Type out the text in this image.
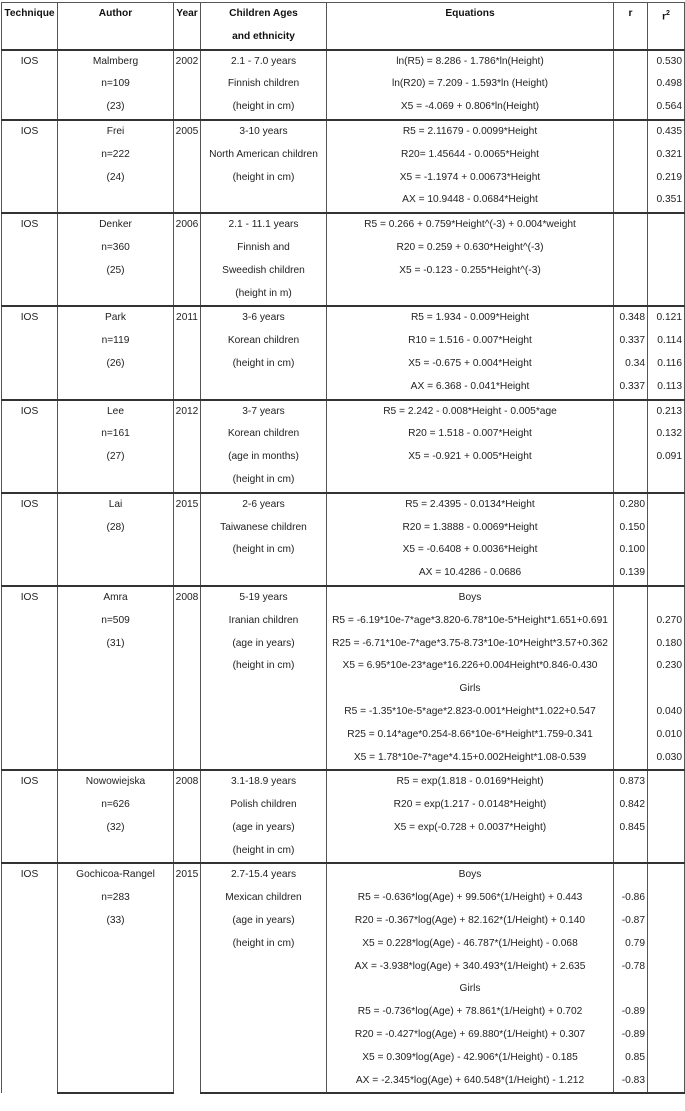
Technique	Author	Year	Children Ages	Equations	r	$r^2$
			and ethnicity			
IOS	Malmberg	2002	2.1 - 7.0 years	ln(R5) = 8.286 - 1.786*ln(Height)		0.530
	n=109		Finnish children	ln(R20) = 7.209 - 1.593*ln (Height)		0.498
	(23)		(height in cm)	X5 = -4.069 + 0.806*ln(Height)		0.564
IOS	Frei	2005	3-10 years	R5 = 2.11679 - 0.0099*Height		0.435
	n=222		North American children	R20= 1.45644 - 0.0065*Height		0.321
	(24)		(height in cm)	X5 = -1.1974 + 0.00673*Height		0.219
				AX = 10.9448 - 0.0684*Height		0.351
IOS	Denker	2006	2.1 - 11.1 years	R5 = 0.266 + 0.759*Height^(-3) + 0.004*weight		
	n=360		Finnish and	R20 = 0.259 + 0.630*Height^(-3)		
	(25)		Sweedish children	X5 = -0.123 - 0.255*Height^(-3)		
			(height in m)			
IOS	Park	2011	3-6 years	R5 = 1.934 - 0.009*Height	0.348	0.121
	n=119		Korean children	R10 = 1.516 - 0.007*Height	0.337	0.114
	(26)		(height in cm)	X5 = -0.675 + 0.004*Height	0.34	0.116
				AX = 6.368 - 0.041*Height	0.337	0.113
IOS	Lee	2012	3-7 years	R5 = 2.242 - 0.008*Height - 0.005*age		0.213
	n=161		Korean children	R20 = 1.518 - 0.007*Height		0.132
	(27)		(age in months)	X5 = -0.921 + 0.005*Height		0.091
			(height in cm)			
IOS	Lai	2015	2-6 years	R5 = 2.4395 - 0.0134*Height	0.280	
	(28)		Taiwanese children	R20 = 1.3888 - 0.0069*Height	0.150	
			(height in cm)	X5 = -0.6408 + 0.0036*Height	0.100	
				AX = 10.4286 - 0.0686	0.139	
IOS	Amra	2008	5-19 years	Boys		
	n=509		Iranian children	R5 = -6.19*10e-7*age*3.820-6.78*10e-5*Height*1.651+0.691		0.270
	(31)		(age in years)	R25 = -6.71*10e-7*age*3.75-8.73*10e-10*Height*3.57+0.362		0.180
			(height in cm)	X5 = 6.95*10e-23*age*16.226+0.004Height*0.846-0.430		0.230
				Girls		
				R5 = -1.35*10e-5*age*2.823-0.001*Height*1.022+0.547		0.040
				R25 = 0.14*age*0.254-8.66*10e-6*Height*1.759-0.341		0.010
				X5 = 1.78*10e-7*age*4.15+0.002Height*1.08-0.539		0.030
IOS	Nowowiejska	2008	3.1-18.9 years	R5 = exp(1.818 - 0.0169*Height)	0.873	
	n=626		Polish children	R20 = exp(1.217 - 0.0148*Height)	0.842	
	(32)		(age in years)	X5 = exp(-0.728 + 0.0037*Height)	0.845	
			(height in cm)			
IOS	Gochicoa-Rangel	2015	2.7-15.4 years	Boys		
	n=283		Mexican children	R5 = -0.636*log(Age) + 99.506*(1/Height) + 0.443	-0.86	
	(33)		(age in years)	R20 = -0.367*log(Age) + 82.162*(1/Height) + 0.140	-0.87	
			(height in cm)	X5 = 0.228*log(Age) - 46.787*(1/Height) - 0.068	0.79	
				AX = -3.938*log(Age) + 340.493*(1/Height) + 2.635	-0.78	
				Girls		
				R5 = -0.736*log(Age) + 78.861*(1/Height) + 0.702	-0.89	
				R20 = -0.427*log(Age) + 69.880*(1/Height) + 0.307	-0.89	
				X5 = 0.309*log(Age) - 42.906*(1/Height) - 0.185	0.85	
				AX = -2.345*log(Age) + 640.548*(1/Height) - 1.212	-0.83	
